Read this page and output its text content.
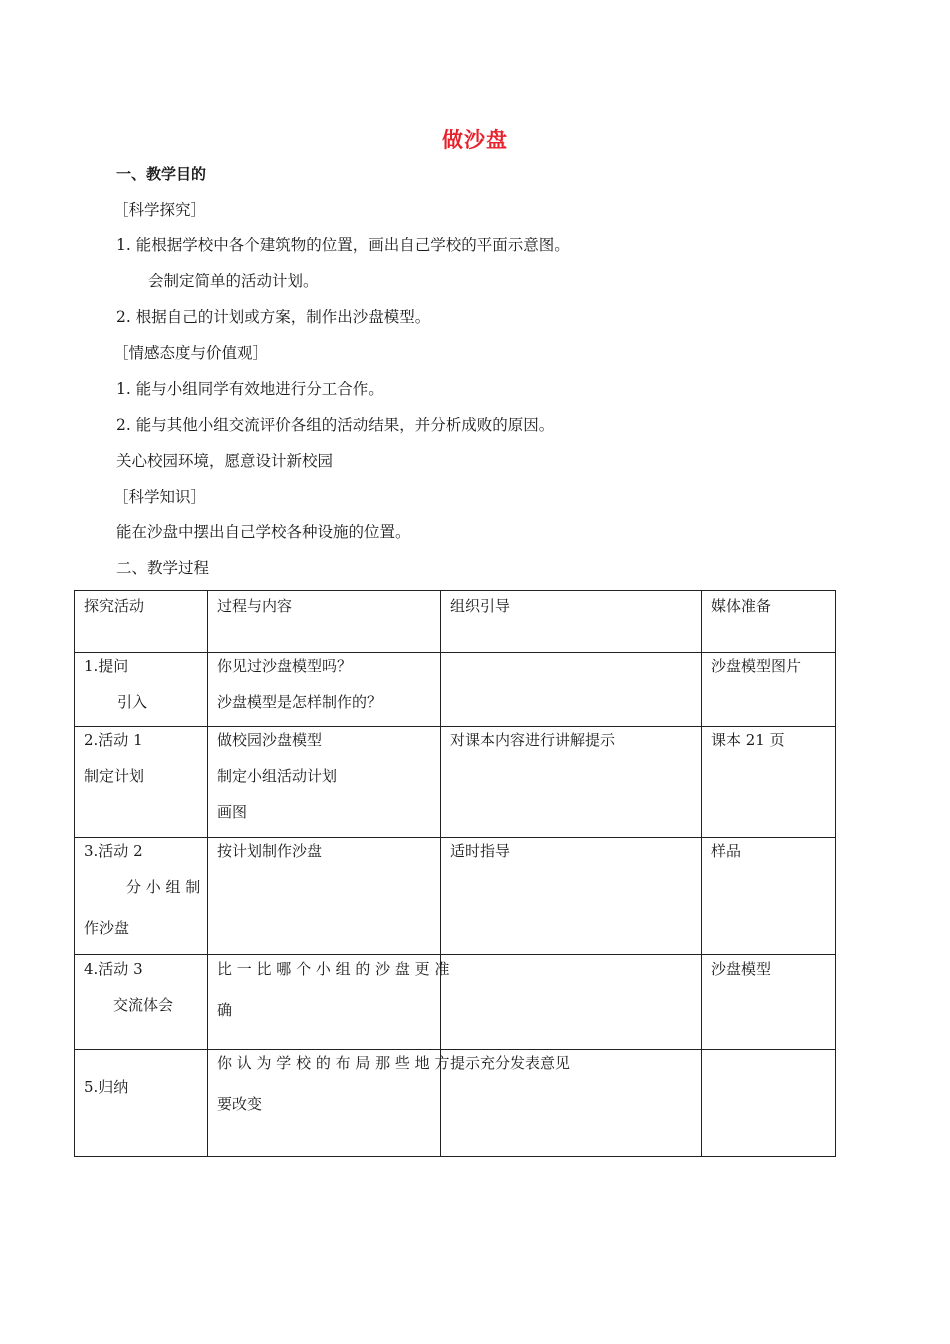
做沙盘
一、教学目的
［科学探究］
1. 能根据学校中各个建筑物的位置，画出自己学校的平面示意图。
会制定简单的活动计划。
2. 根据自己的计划或方案，制作出沙盘模型。
［情感态度与价值观］
1. 能与小组同学有效地进行分工合作。
2. 能与其他小组交流评价各组的活动结果，并分析成败的原因。
关心校园环境，愿意设计新校园
［科学知识］
能在沙盘中摆出自己学校各种设施的位置。
二、教学过程
探究活动	过程与内容	组织引导	媒体准备

1.提问
引入	你见过沙盘模型吗？
沙盘模型是怎样制作的？		沙盘模型图片

2.活动 1
制定计划	做校园沙盘模型
制定小组活动计划
画图	对课本内容进行讲解提示	课本 21 页

3.活动 2
分 小 组 制
作沙盘	按计划制作沙盘	适时指导	样品

4.活动 3
交流体会	比 一 比 哪 个 小 组 的 沙 盘 更 准
确		沙盘模型

5.归纳	你 认 为 学 校 的 布 局 那 些 地 方
要改变	提示充分发表意见	
